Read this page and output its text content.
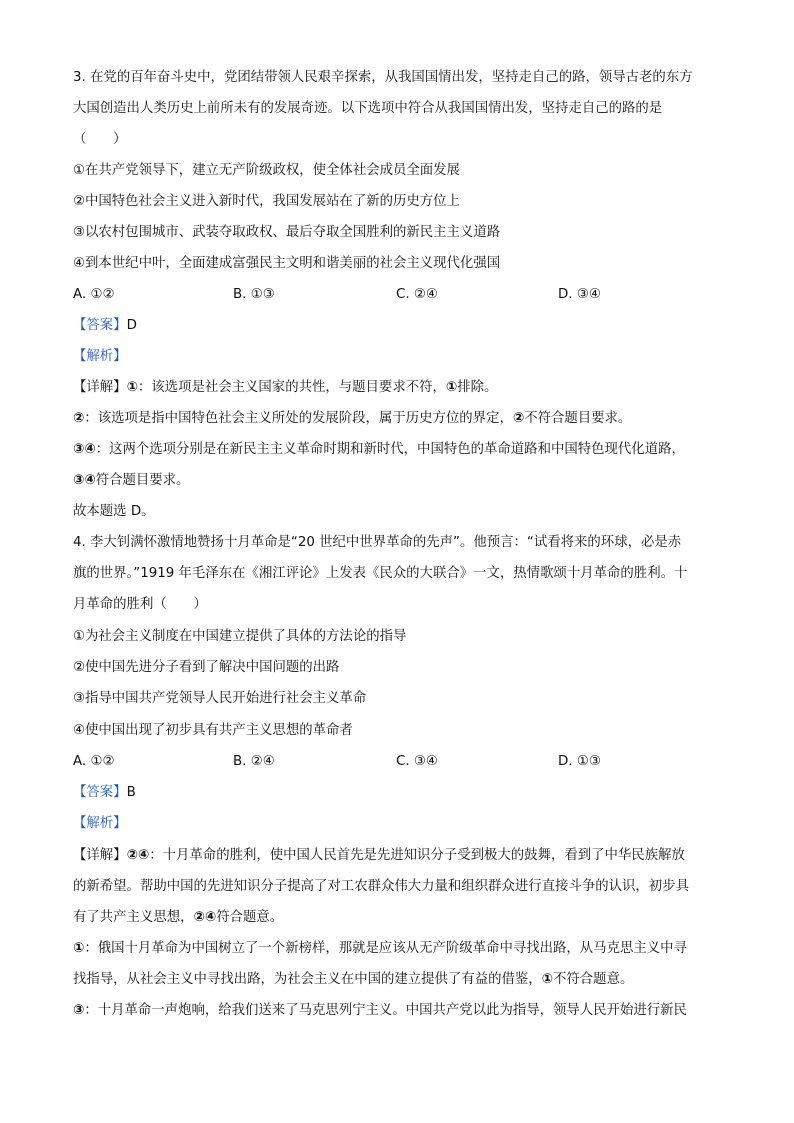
3. 在党的百年奋斗史中，党团结带领人民艰辛探索，从我国国情出发，坚持走自己的路，领导古老的东方
大国创造出人类历史上前所未有的发展奇迹。以下选项中符合从我国国情出发，坚持走自己的路的是
（　　）
①在共产党领导下，建立无产阶级政权，使全体社会成员全面发展
②中国特色社会主义进入新时代，我国发展站在了新的历史方位上
③以农村包围城市、武装夺取政权、最后夺取全国胜利的新民主主义道路
④到本世纪中叶，全面建成富强民主文明和谐美丽的社会主义现代化强国
A. ①②	B. ①③	C. ②④	D. ③④
【答案】D
【解析】
【详解】①：该选项是社会主义国家的共性，与题目要求不符，①排除。
②：该选项是指中国特色社会主义所处的发展阶段，属于历史方位的界定，②不符合题目要求。
③④：这两个选项分别是在新民主主义革命时期和新时代，中国特色的革命道路和中国特色现代化道路，
③④符合题目要求。
故本题选 D。
4. 李大钊满怀激情地赞扬十月革命是“20 世纪中世界革命的先声”。他预言：“试看将来的环球，必是赤
旗的世界。”1919 年毛泽东在《湘江评论》上发表《民众的大联合》一文，热情歌颂十月革命的胜利。十
月革命的胜利（　　）
①为社会主义制度在中国建立提供了具体的方法论的指导
②使中国先进分子看到了解决中国问题的出路
③指导中国共产党领导人民开始进行社会主义革命
④使中国出现了初步具有共产主义思想的革命者
A. ①②	B. ②④	C. ③④	D. ①③
【答案】B
【解析】
【详解】②④：十月革命的胜利，使中国人民首先是先进知识分子受到极大的鼓舞，看到了中华民族解放
的新希望。帮助中国的先进知识分子提高了对工农群众伟大力量和组织群众进行直接斗争的认识，初步具
有了共产主义思想，②④符合题意。
①：俄国十月革命为中国树立了一个新榜样，那就是应该从无产阶级革命中寻找出路，从马克思主义中寻
找指导，从社会主义中寻找出路，为社会主义在中国的建立提供了有益的借鉴，①不符合题意。
③：十月革命一声炮响，给我们送来了马克思列宁主义。中国共产党以此为指导，领导人民开始进行新民
